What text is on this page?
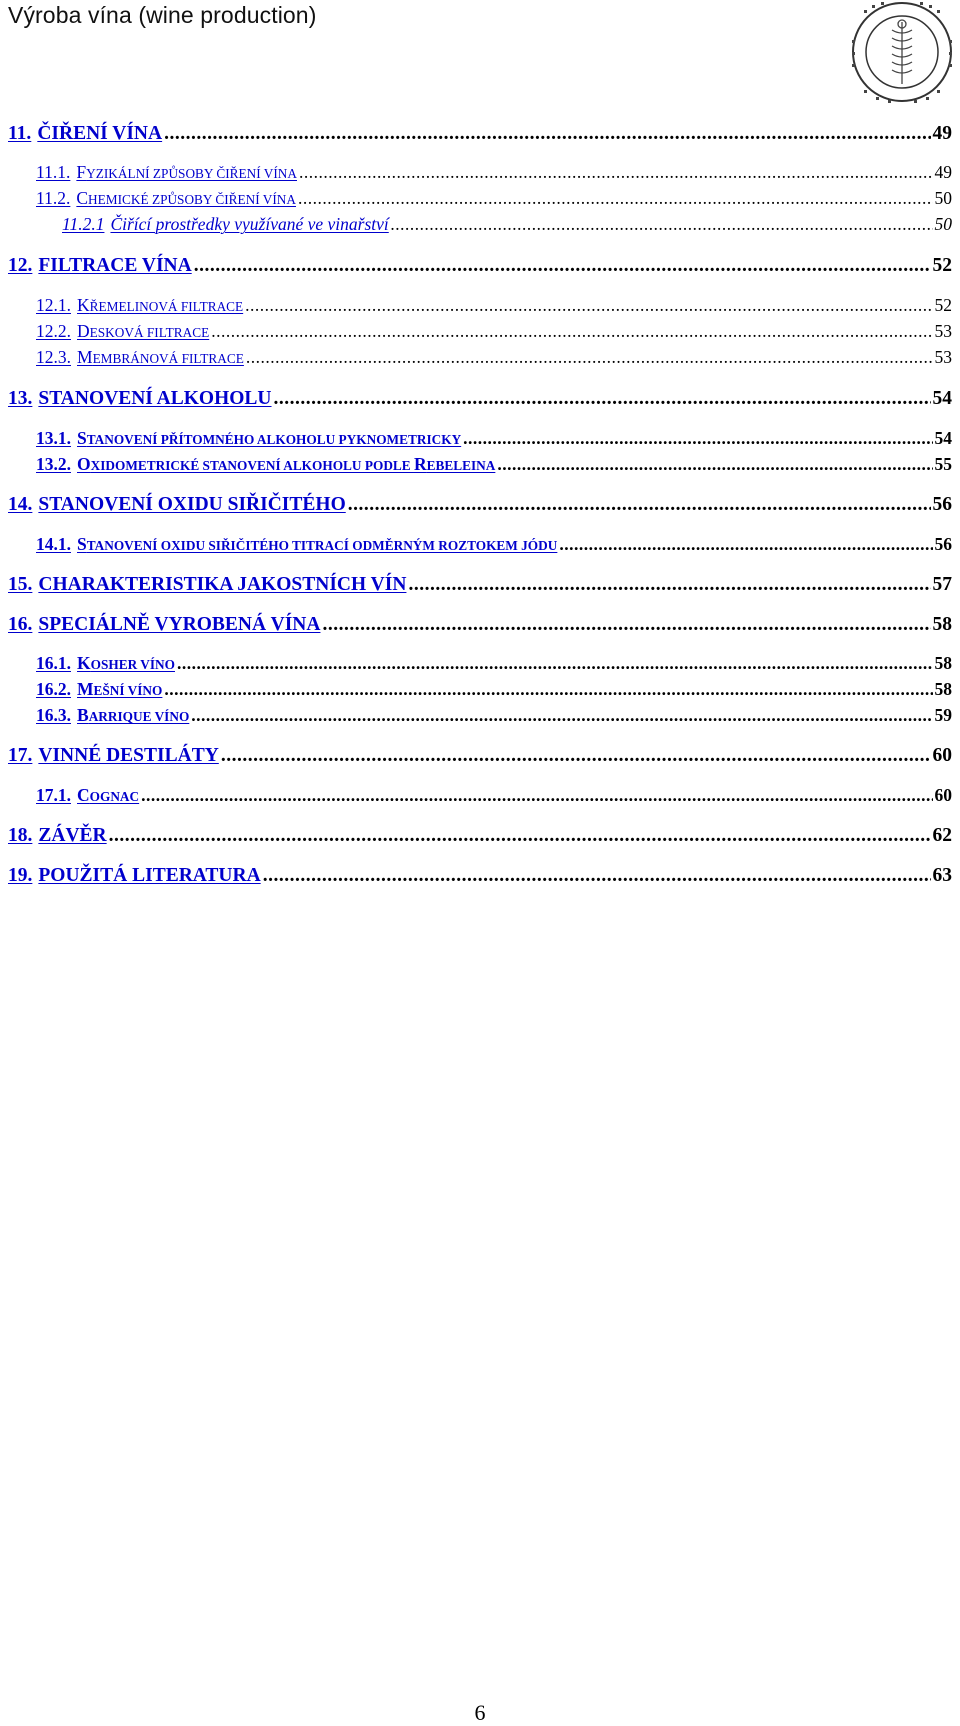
Výroba vína (wine production)
11. ČIŘENÍ VÍNA .....	49
11.1. FYZIKÁLNÍ ZPŮSOBY ČIŘENÍ VÍNA .....	49
11.2. CHEMICKÉ ZPŮSOBY ČIŘENÍ VÍNA .....	50
11.2.1 Čiřící prostředky využívané ve vinařství .....	50
12. FILTRACE VÍNA .....	52
12.1. KŘEMELINOVÁ FILTRACE .....	52
12.2. DESKOVÁ FILTRACE .....	53
12.3. MEMBRÁNOVÁ FILTRACE .....	53
13. STANOVENÍ ALKOHOLU .....	54
13.1. STANOVENÍ PŘÍTOMNÉHO ALKOHOLU PYKNOMETRICKY .....	54
13.2. OXIDOMETRICKÉ STANOVENÍ ALKOHOLU PODLE REBELEINA .....	55
14. STANOVENÍ OXIDU SIŘIČITÉHO .....	56
14.1. STANOVENÍ OXIDU SIŘIČITÉHO TITRACÍ ODMĚRNÝM ROZTOKEM JÓDU .....	56
15. CHARAKTERISTIKA JAKOSTNÍCH VÍN .....	57
16. SPECIÁLNĚ VYROBENÁ VÍNA .....	58
16.1. KOSHER VÍNO .....	58
16.2. MEŠNÍ VÍNO .....	58
16.3. BARRIQUE VÍNO .....	59
17. VINNÉ DESTILÁTY .....	60
17.1. COGNAC .....	60
18. ZÁVĚR .....	62
19. POUŽITÁ LITERATURA .....	63
6
